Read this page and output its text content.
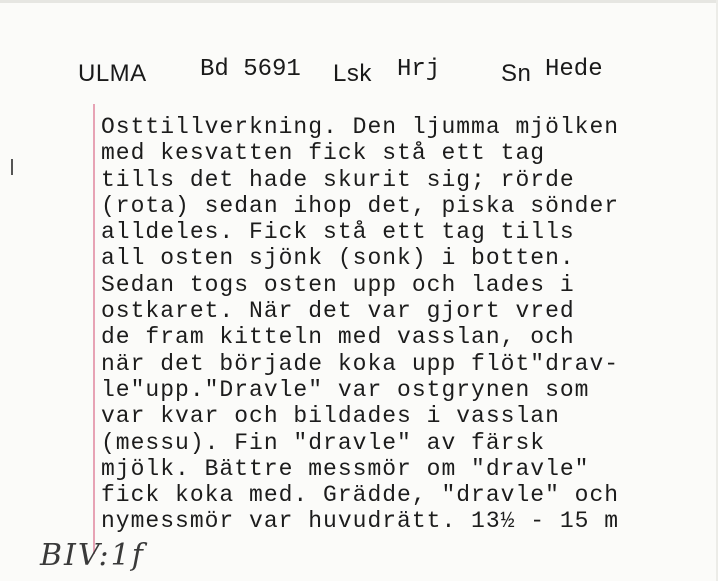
ULMA Bd 5691 Lsk Hrj	Sn Hede
Osttillverkning. Den ljumma mjölken
med kesvatten fick stå ett tag
tills det hade skurit sig; rörde
(rota) sedan ihop det, piska sönder
alldeles. Fick stå ett tag tills
all osten sjönk (sonk) i botten.
Sedan togs osten upp och lades i
ostkaret. När det var gjort vred
de fram kitteln med vasslan, och
när det började koka upp flöt"drav-
le"upp."Dravle" var ostgrynen som
var kvar och bildades i vasslan
(messu). Fin "dravle" av färsk
mjölk. Bättre messmör om "dravle"
fick koka med. Grädde, "dravle" och
nymessmör var huvudrätt. 13½ - 15 m
BIV:1f
